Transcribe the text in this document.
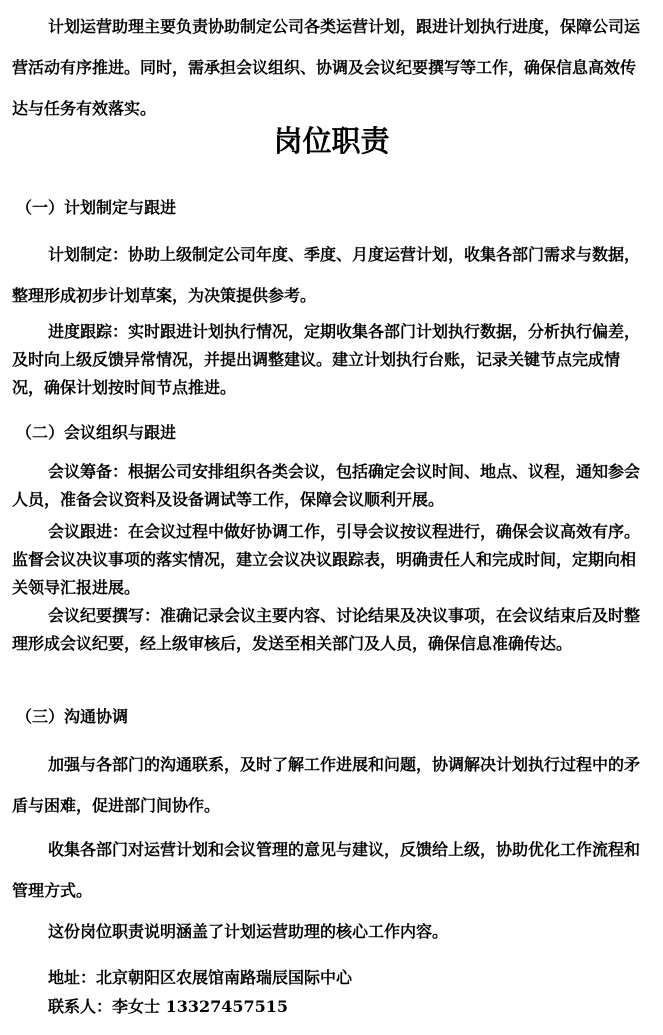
计划运营助理主要负责协助制定公司各类运营计划，跟进计划执行进度，保障公司运营活动有序推进。同时，需承担会议组织、协调及会议纪要撰写等工作，确保信息高效传达与任务有效落实。

岗位职责
（一）计划制定与跟进

计划制定：协助上级制定公司年度、季度、月度运营计划，收集各部门需求与数据，整理形成初步计划草案，为决策提供参考。

进度跟踪：实时跟进计划执行情况，定期收集各部门计划执行数据，分析执行偏差，及时向上级反馈异常情况，并提出调整建议。建立计划执行台账，记录关键节点完成情况，确保计划按时间节点推进。

（二）会议组织与跟进

会议筹备：根据公司安排组织各类会议，包括确定会议时间、地点、议程，通知参会人员，准备会议资料及设备调试等工作，保障会议顺利开展。

会议跟进：在会议过程中做好协调工作，引导会议按议程进行，确保会议高效有序。监督会议决议事项的落实情况，建立会议决议跟踪表，明确责任人和完成时间，定期向相关领导汇报进展。

会议纪要撰写：准确记录会议主要内容、讨论结果及决议事项，在会议结束后及时整理形成会议纪要，经上级审核后，发送至相关部门及人员，确保信息准确传达。

（三）沟通协调

加强与各部门的沟通联系，及时了解工作进展和问题，协调解决计划执行过程中的矛盾与困难，促进部门间协作。

收集各部门对运营计划和会议管理的意见与建议，反馈给上级，协助优化工作流程和管理方式。

这份岗位职责说明涵盖了计划运营助理的核心工作内容。

地址：北京朝阳区农展馆南路瑞辰国际中心
联系人：李女士 13327457515
